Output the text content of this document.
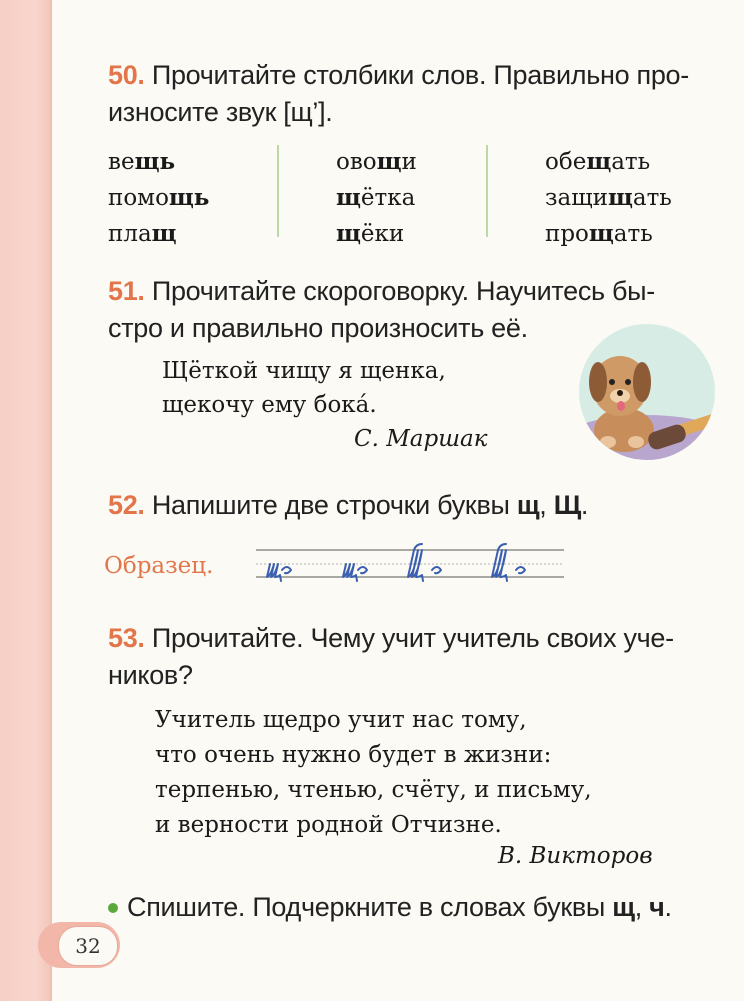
50. Прочитайте столбики слов. Правильно про-
износите звук [щ’].
вещь
помощь
плащ
овощи
щётка
щёки
обещать
защищать
прощать
51. Прочитайте скороговорку. Научитесь бы-
стро и правильно произносить её.
Щёткой чищу я щенка,
щекочу ему бока́.
С. Маршак
52. Напишите две строчки буквы щ, Щ.
Образец.
53. Прочитайте. Чему учит учитель своих уче-
ников?
Учитель щедро учит нас тому,
что очень нужно будет в жизни:
терпенью, чтенью, счёту, и письму,
и верности родной Отчизне.
В. Викторов
Спишите. Подчеркните в словах буквы щ, ч.
32
